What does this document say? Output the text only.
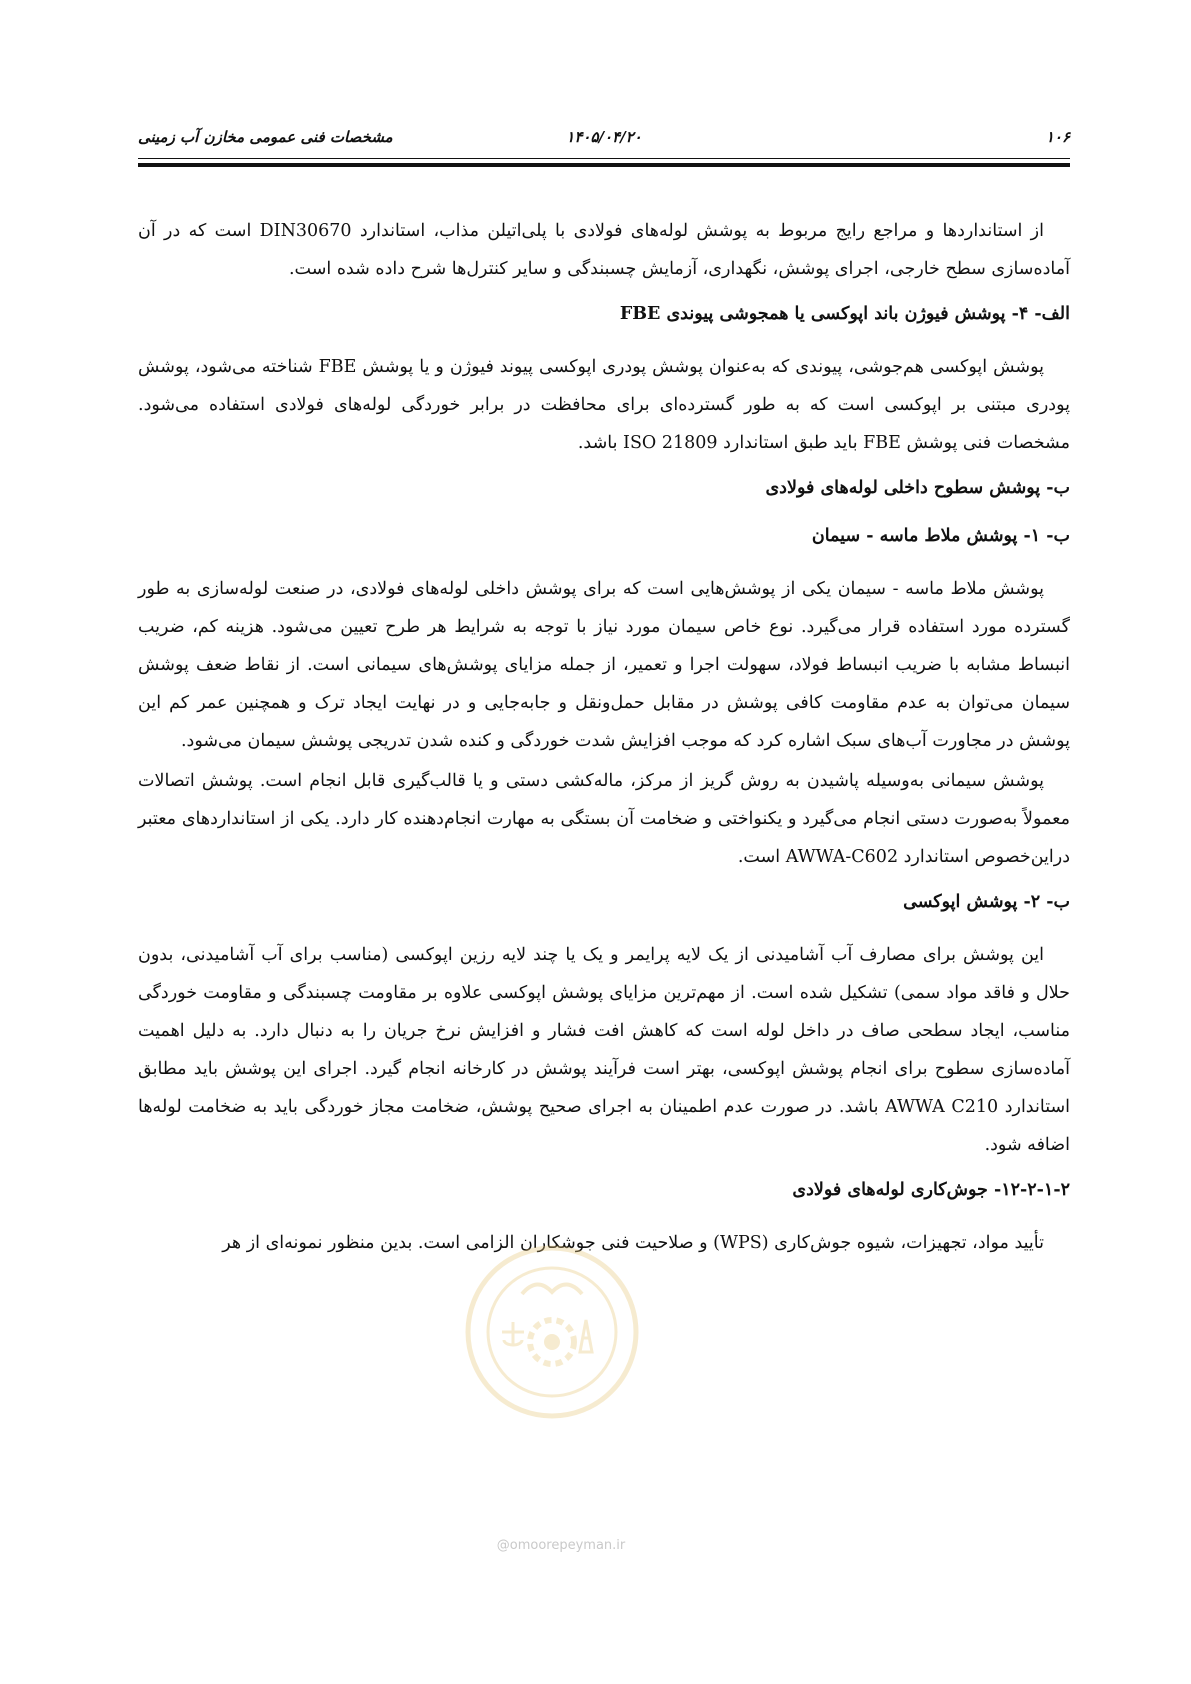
مشخصات فنی عمومی مخازن آب زمینی	۱۴۰۵/۰۴/۲۰	۱۰۶

از استانداردها و مراجع رایج مربوط به پوشش لوله‌های فولادی با پلی‌اتیلن مذاب، استاندارد DIN30670 است که در آن آماده‌سازی سطح خارجی، اجرای پوشش، نگهداری، آزمایش چسبندگی و سایر کنترل‌ها شرح داده شده است.

الف- ۴- پوشش فیوژن باند اپوکسی یا همجوشی پیوندی FBE

پوشش اپوکسی هم‌جوشی، پیوندی که به‌عنوان پوشش پودری اپوکسی پیوند فیوژن و یا پوشش FBE شناخته می‌شود، پوشش پودری مبتنی بر اپوکسی است که به طور گسترده‌ای برای محافظت در برابر خوردگی لوله‌های فولادی استفاده می‌شود. مشخصات فنی پوشش FBE باید طبق استاندارد ISO 21809 باشد.

ب- پوشش سطوح داخلی لوله‌های فولادی
ب- ۱- پوشش ملاط ماسه - سیمان

پوشش ملاط ماسه - سیمان یکی از پوشش‌هایی است که برای پوشش داخلی لوله‌های فولادی، در صنعت لوله‌سازی به طور گسترده مورد استفاده قرار می‌گیرد. نوع خاص سیمان مورد نیاز با توجه به شرایط هر طرح تعیین می‌شود. هزینه کم، ضریب انبساط مشابه با ضریب انبساط فولاد، سهولت اجرا و تعمیر، از جمله مزایای پوشش‌های سیمانی است. از نقاط ضعف پوشش سیمان می‌توان به عدم مقاومت کافی پوشش در مقابل حمل‌ونقل و جابه‌جایی و در نهایت ایجاد ترک و همچنین عمر کم این پوشش در مجاورت آب‌های سبک اشاره کرد که موجب افزایش شدت خوردگی و کنده شدن تدریجی پوشش سیمان می‌شود.

پوشش سیمانی به‌وسیله پاشیدن به روش گریز از مرکز، ماله‌کشی دستی و یا قالب‌گیری قابل انجام است. پوشش اتصالات معمولاً به‌صورت دستی انجام می‌گیرد و یکنواختی و ضخامت آن بستگی به مهارت انجام‌دهنده کار دارد. یکی از استانداردهای معتبر دراین‌خصوص استاندارد AWWA-C602 است.

ب- ۲- پوشش اپوکسی

این پوشش برای مصارف آب آشامیدنی از یک لایه پرایمر و یک یا چند لایه رزین اپوکسی (مناسب برای آب آشامیدنی، بدون حلال و فاقد مواد سمی) تشکیل شده است. از مهم‌ترین مزایای پوشش اپوکسی علاوه بر مقاومت چسبندگی و مقاومت خوردگی مناسب، ایجاد سطحی صاف در داخل لوله است که کاهش افت فشار و افزایش نرخ جریان را به دنبال دارد. به دلیل اهمیت آماده‌سازی سطوح برای انجام پوشش اپوکسی، بهتر است فرآیند پوشش در کارخانه انجام گیرد. اجرای این پوشش باید مطابق استاندارد AWWA C210 باشد. در صورت عدم اطمینان به اجرای صحیح پوشش، ضخامت مجاز خوردگی باید به ضخامت لوله‌ها اضافه شود.

۱۲-۲-۱-۲- جوش‌کاری لوله‌های فولادی

تأیید مواد، تجهیزات، شیوه جوش‌کاری (WPS) و صلاحیت فنی جوشکاران الزامی است. بدین منظور نمونه‌ای از هر

@omoorepeyman.ir
